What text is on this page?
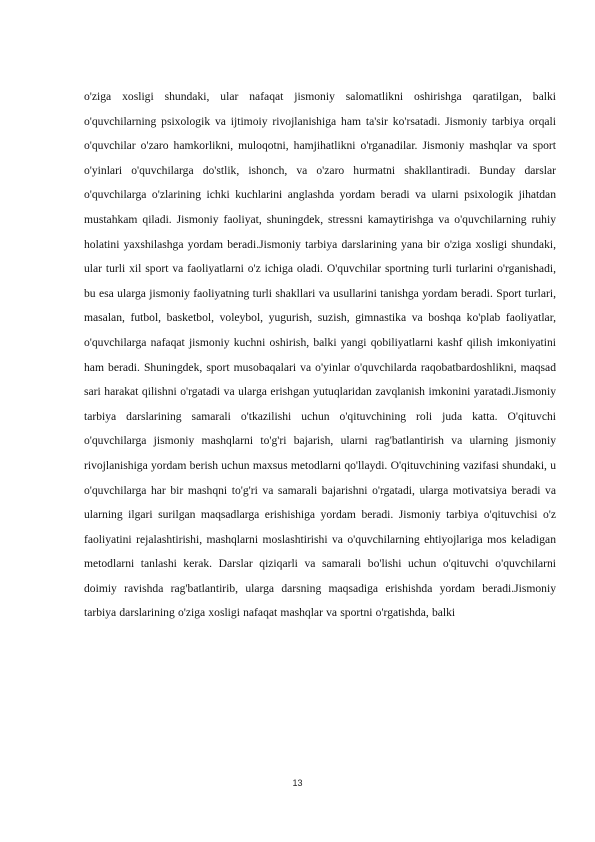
o'ziga xosligi shundaki, ular nafaqat jismoniy salomatlikni oshirishga qaratilgan, balki o'quvchilarning psixologik va ijtimoiy rivojlanishiga ham ta'sir ko'rsatadi. Jismoniy tarbiya orqali o'quvchilar o'zaro hamkorlikni, muloqotni, hamjihatlikni o'rganadilar. Jismoniy mashqlar va sport o'yinlari o'quvchilarga do'stlik, ishonch, va o'zaro hurmatni shakllantiradi. Bunday darslar o'quvchilarga o'zlarining ichki kuchlarini anglashda yordam beradi va ularni psixologik jihatdan mustahkam qiladi. Jismoniy faoliyat, shuningdek, stressni kamaytirishga va o'quvchilarning ruhiy holatini yaxshilashga yordam beradi.Jismoniy tarbiya darslarining yana bir o'ziga xosligi shundaki, ular turli xil sport va faoliyatlarni o'z ichiga oladi. O'quvchilar sportning turli turlarini o'rganishadi, bu esa ularga jismoniy faoliyatning turli shakllari va usullarini tanishga yordam beradi. Sport turlari, masalan, futbol, basketbol, voleybol, yugurish, suzish, gimnastika va boshqa ko'plab faoliyatlar, o'quvchilarga nafaqat jismoniy kuchni oshirish, balki yangi qobiliyatlarni kashf qilish imkoniyatini ham beradi. Shuningdek, sport musobaqalari va o'yinlar o'quvchilarda raqobatbardoshlikni, maqsad sari harakat qilishni o'rgatadi va ularga erishgan yutuqlaridan zavqlanish imkonini yaratadi.Jismoniy tarbiya darslarining samarali o'tkazilishi uchun o'qituvchining roli juda katta. O'qituvchi o'quvchilarga jismoniy mashqlarni to'g'ri bajarish, ularni rag'batlantirish va ularning jismoniy rivojlanishiga yordam berish uchun maxsus metodlarni qo'llaydi. O'qituvchining vazifasi shundaki, u o'quvchilarga har bir mashqni to'g'ri va samarali bajarishni o'rgatadi, ularga motivatsiya beradi va ularning ilgari surilgan maqsadlarga erishishiga yordam beradi. Jismoniy tarbiya o'qituvchisi o'z faoliyatini rejalashtirishi, mashqlarni moslashtirishi va o'quvchilarning ehtiyojlariga mos keladigan metodlarni tanlashi kerak. Darslar qiziqarli va samarali bo'lishi uchun o'qituvchi o'quvchilarni doimiy ravishda rag'batlantirib, ularga darsning maqsadiga erishishda yordam beradi.Jismoniy tarbiya darslarining o'ziga xosligi nafaqat mashqlar va sportni o'rgatishda, balki

13
